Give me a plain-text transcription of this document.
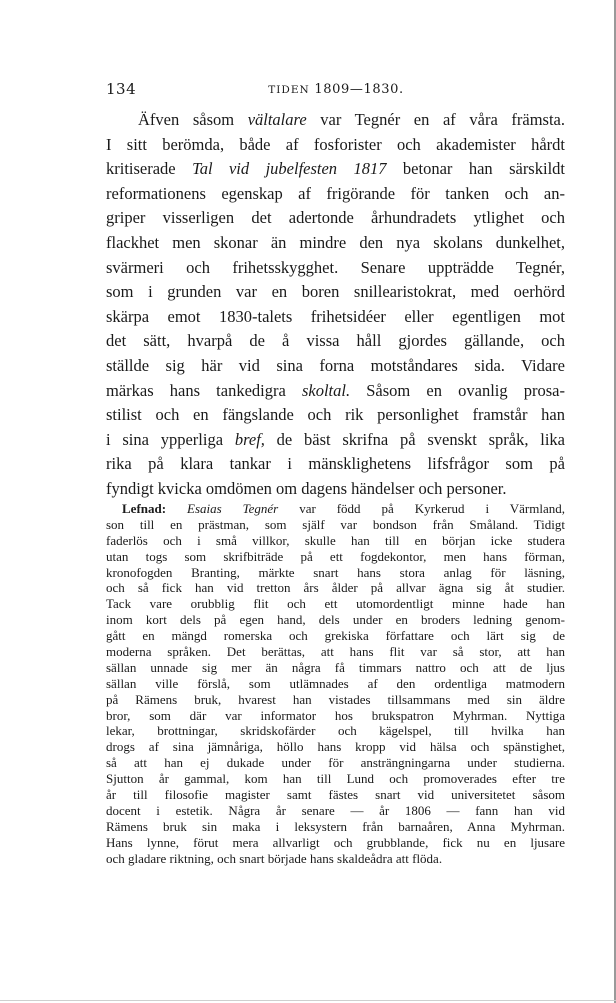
134	TIDEN 1809—1830.
Äfven såsom vältalare var Tegnér en af våra främsta.
I sitt berömda, både af fosforister och akademister hårdt
kritiserade Tal vid jubelfesten 1817 betonar han särskildt
reformationens egenskap af frigörande för tanken och an-
griper visserligen det adertonde århundradets ytlighet och
flackhet men skonar än mindre den nya skolans dunkelhet,
svärmeri och frihetsskygghet. Senare uppträdde Tegnér,
som i grunden var en boren snillearistokrat, med oerhörd
skärpa emot 1830-talets frihetsidéer eller egentligen mot
det sätt, hvarpå de å vissa håll gjordes gällande, och
ställde sig här vid sina forna motståndares sida. Vidare
märkas hans tankedigra skoltal. Såsom en ovanlig prosa-
stilist och en fängslande och rik personlighet framstår han
i sina ypperliga bref, de bäst skrifna på svenskt språk, lika
rika på klara tankar i mänsklighetens lifsfrågor som på
fyndigt kvicka omdömen om dagens händelser och personer.
Lefnad: Esaias Tegnér var född på Kyrkerud i Värmland,
son till en prästman, som själf var bondson från Småland. Tidigt
faderlös och i små villkor, skulle han till en början icke studera
utan togs som skrifbiträde på ett fogdekontor, men hans förman,
kronofogden Branting, märkte snart hans stora anlag för läsning,
och så fick han vid tretton års ålder på allvar ägna sig åt studier.
Tack vare orubblig flit och ett utomordentligt minne hade han
inom kort dels på egen hand, dels under en broders ledning genom-
gått en mängd romerska och grekiska författare och lärt sig de
moderna språken. Det berättas, att hans flit var så stor, att han
sällan unnade sig mer än några få timmars nattro och att de ljus
sällan ville förslå, som utlämnades af den ordentliga matmodern
på Rämens bruk, hvarest han vistades tillsammans med sin äldre
bror, som där var informator hos brukspatron Myhrman. Nyttiga
lekar, brottningar, skridskofärder och kägelspel, till hvilka han
drogs af sina jämnåriga, höllo hans kropp vid hälsa och spänstighet,
så att han ej dukade under för ansträngningarna under studierna.
Sjutton år gammal, kom han till Lund och promoverades efter tre
år till filosofie magister samt fästes snart vid universitetet såsom
docent i estetik. Några år senare — år 1806 — fann han vid
Rämens bruk sin maka i leksystern från barnaåren, Anna Myhrman.
Hans lynne, förut mera allvarligt och grubblande, fick nu en ljusare
och gladare riktning, och snart började hans skaldeådra att flöda.
